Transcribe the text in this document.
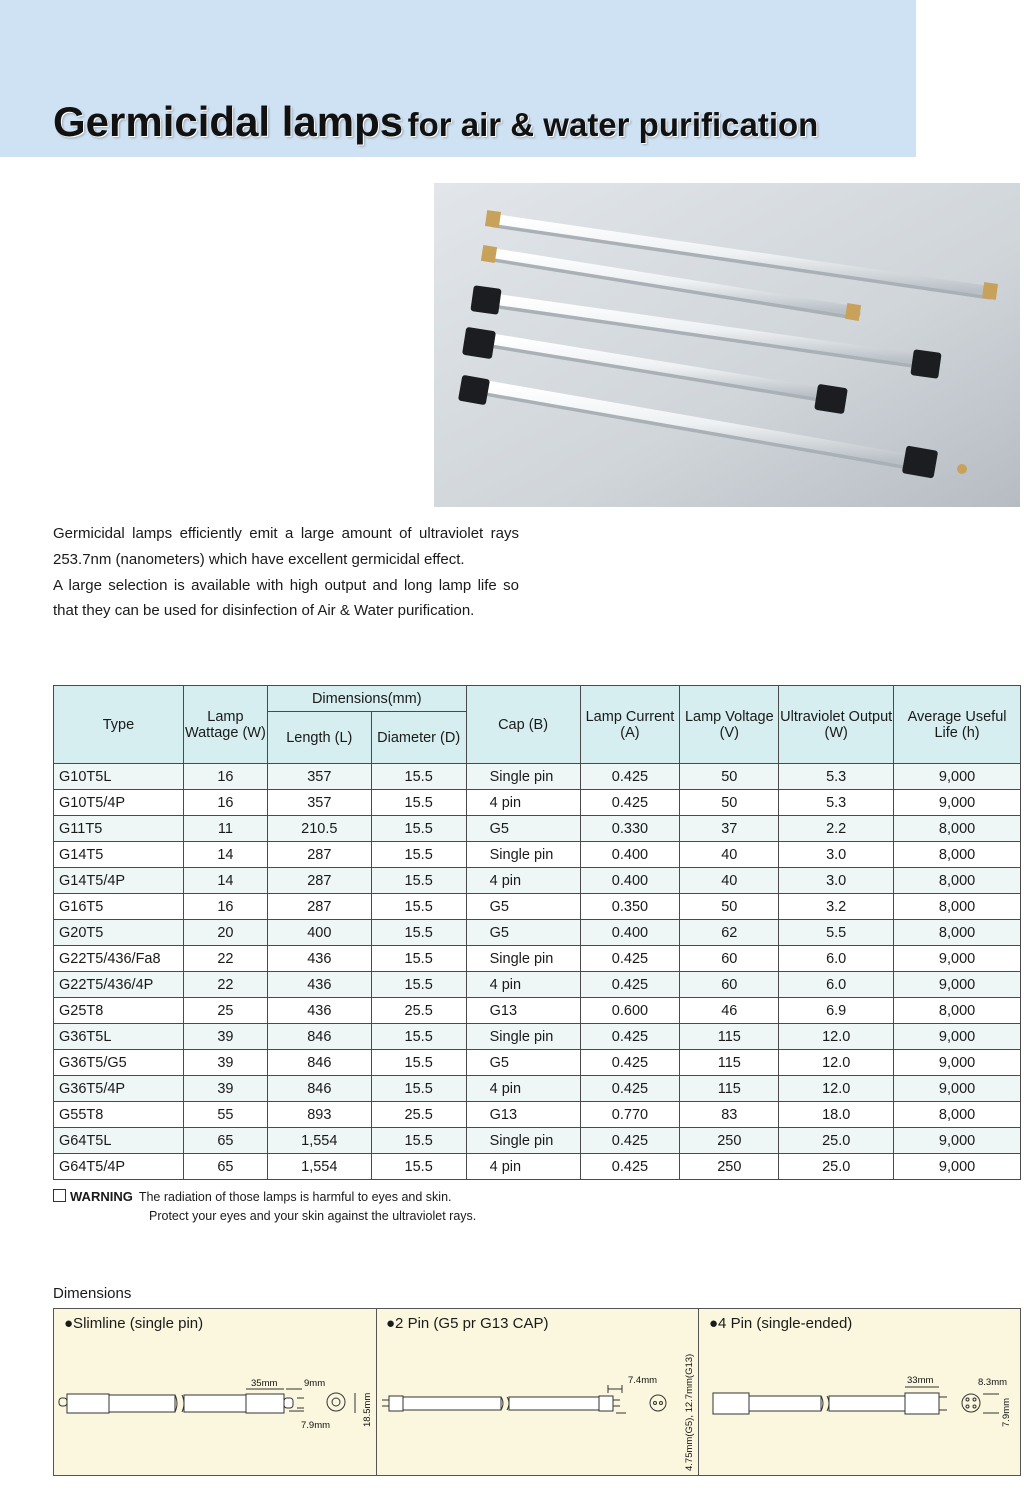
Germicidal lamps for air & water purification

Germicidal lamps efficiently emit a large amount of ultraviolet rays 253.7nm (nanometers) which have excellent germicidal effect.

A large selection is available with high output and long lamp life so that they can be used for disinfection of Air & Water purification.

Type	Lamp Wattage (W)	Dimensions(mm)		Cap (B)	Lamp Current (A)	Lamp Voltage (V)	Ultraviolet Output (W)	Average Useful Life (h)
		Length (L)	Diameter (D)					
G10T5L	16	357	15.5	Single pin	0.425	50	5.3	9,000
G10T5/4P	16	357	15.5	4 pin	0.425	50	5.3	9,000
G11T5	11	210.5	15.5	G5	0.330	37	2.2	8,000
G14T5	14	287	15.5	Single pin	0.400	40	3.0	8,000
G14T5/4P	14	287	15.5	4 pin	0.400	40	3.0	8,000
G16T5	16	287	15.5	G5	0.350	50	3.2	8,000
G20T5	20	400	15.5	G5	0.400	62	5.5	8,000
G22T5/436/Fa8	22	436	15.5	Single pin	0.425	60	6.0	9,000
G22T5/436/4P	22	436	15.5	4 pin	0.425	60	6.0	9,000
G25T8	25	436	25.5	G13	0.600	46	6.9	8,000
G36T5L	39	846	15.5	Single pin	0.425	115	12.0	9,000
G36T5/G5	39	846	15.5	G5	0.425	115	12.0	9,000
G36T5/4P	39	846	15.5	4 pin	0.425	115	12.0	9,000
G55T8	55	893	25.5	G13	0.770	83	18.0	8,000
G64T5L	65	1,554	15.5	Single pin	0.425	250	25.0	9,000
G64T5/4P	65	1,554	15.5	4 pin	0.425	250	25.0	9,000
WARNING The radiation of those lamps is harmful to eyes and skin.
Protect your eyes and your skin against the ultraviolet rays.
Dimensions
●Slimline (single pin)
35mm	9mm
7.9mm	18.5mm
●2 Pin (G5 pr G13 CAP)
7.4mm	4.75mm(G5), 12.7mm(G13)
●4 Pin (single-ended)
33mm	8.3mm
7.9mm
